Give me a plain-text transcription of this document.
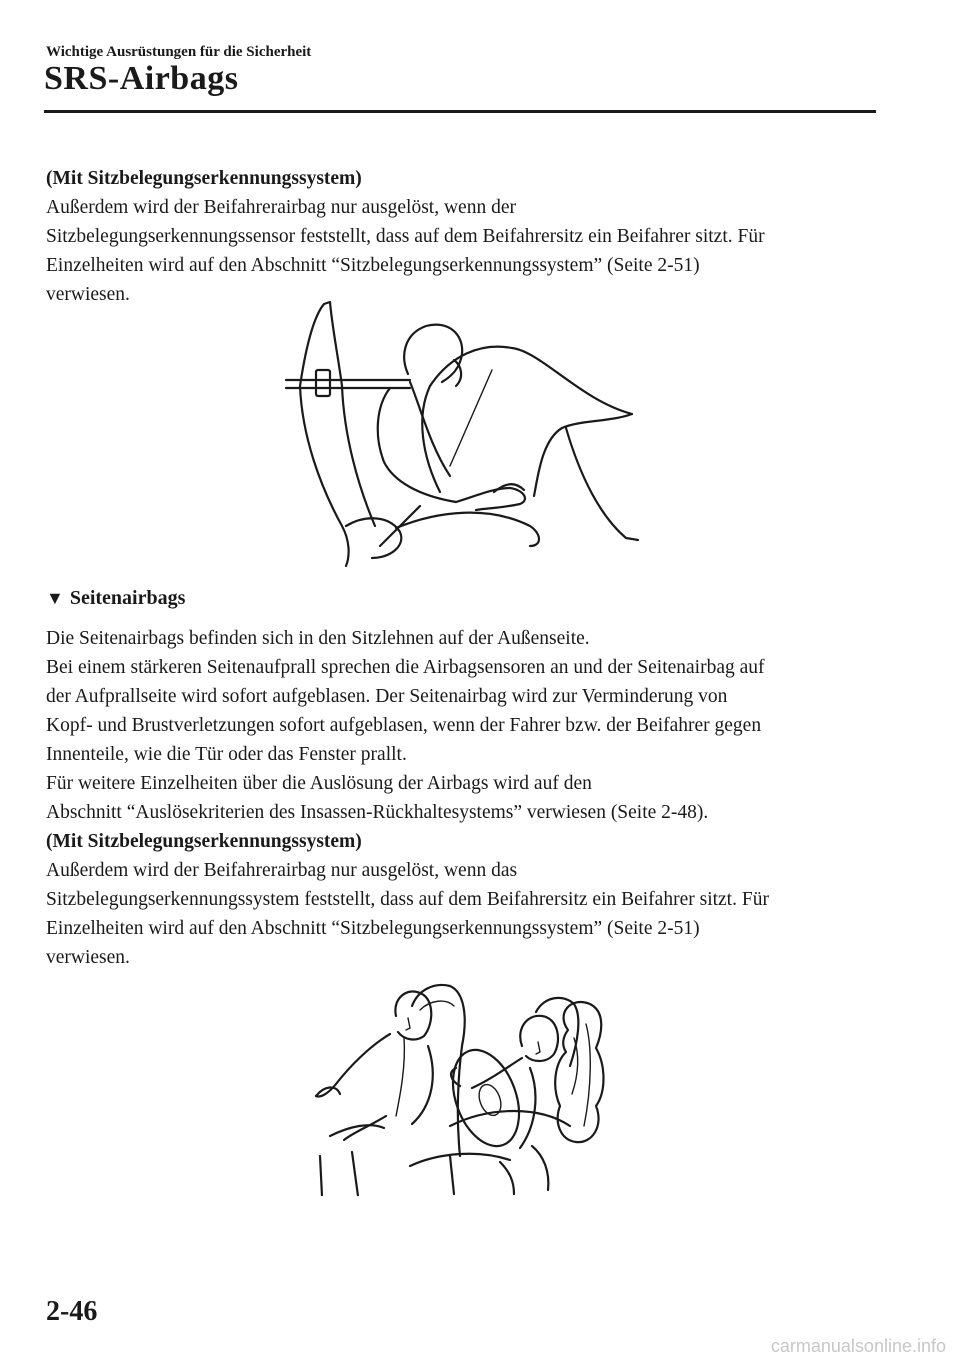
Wichtige Ausrüstungen für die Sicherheit
SRS-Airbags

(Mit Sitzbelegungserkennungssystem)

Außerdem wird der Beifahrerairbag nur ausgelöst, wenn der

Sitzbelegungserkennungssensor feststellt, dass auf dem Beifahrersitz ein Beifahrer sitzt. Für

Einzelheiten wird auf den Abschnitt “Sitzbelegungserkennungssystem” (Seite 2-51)

verwiesen.

▼ Seitenairbags

Die Seitenairbags befinden sich in den Sitzlehnen auf der Außenseite.

Bei einem stärkeren Seitenaufprall sprechen die Airbagsensoren an und der Seitenairbag auf

der Aufprallseite wird sofort aufgeblasen. Der Seitenairbag wird zur Verminderung von

Kopf- und Brustverletzungen sofort aufgeblasen, wenn der Fahrer bzw. der Beifahrer gegen

Innenteile, wie die Tür oder das Fenster prallt.

Für weitere Einzelheiten über die Auslösung der Airbags wird auf den

Abschnitt “Auslösekriterien des Insassen-Rückhaltesystems” verwiesen (Seite 2-48).

(Mit Sitzbelegungserkennungssystem)

Außerdem wird der Beifahrerairbag nur ausgelöst, wenn das

Sitzbelegungserkennungssystem feststellt, dass auf dem Beifahrersitz ein Beifahrer sitzt. Für

Einzelheiten wird auf den Abschnitt “Sitzbelegungserkennungssystem” (Seite 2-51)

verwiesen.

2-46
carmanualsonline.info
